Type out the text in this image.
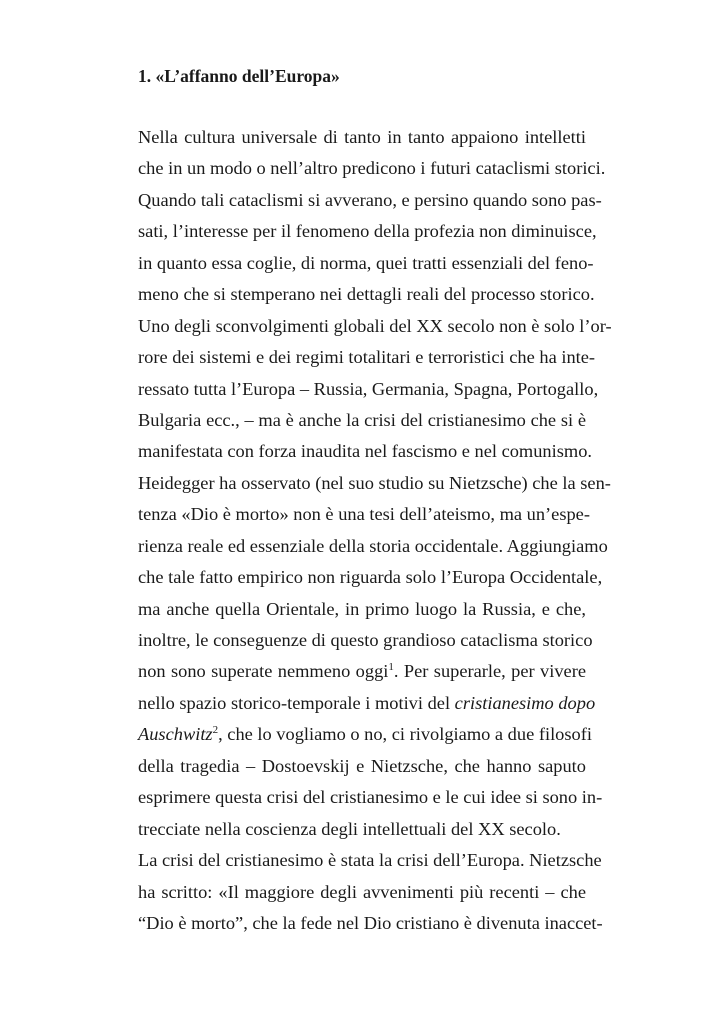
1. «L’affanno dell’Europa»
Nella cultura universale di tanto in tanto appaiono intelletti
che in un modo o nell’altro predicono i futuri cataclismi storici.
Quando tali cataclismi si avverano, e persino quando sono pas-
sati, l’interesse per il fenomeno della profezia non diminuisce,
in quanto essa coglie, di norma, quei tratti essenziali del feno-
meno che si stemperano nei dettagli reali del processo storico.
Uno degli sconvolgimenti globali del XX secolo non è solo l’or-
rore dei sistemi e dei regimi totalitari e terroristici che ha inte-
ressato tutta l’Europa – Russia, Germania, Spagna, Portogallo,
Bulgaria ecc., – ma è anche la crisi del cristianesimo che si è
manifestata con forza inaudita nel fascismo e nel comunismo.
Heidegger ha osservato (nel suo studio su Nietzsche) che la sen-
tenza «Dio è morto» non è una tesi dell’ateismo, ma un’espe-
rienza reale ed essenziale della storia occidentale. Aggiungiamo
che tale fatto empirico non riguarda solo l’Europa Occidentale,
ma anche quella Orientale, in primo luogo la Russia, e che,
inoltre, le conseguenze di questo grandioso cataclisma storico
non sono superate nemmeno oggi$^1$. Per superarle, per vivere
nello spazio storico-temporale i motivi del cristianesimo dopo
Auschwitz$^2$, che lo vogliamo o no, ci rivolgiamo a due filosofi
della tragedia – Dostoevskij e Nietzsche, che hanno saputo
esprimere questa crisi del cristianesimo e le cui idee si sono in-
trecciate nella coscienza degli intellettuali del XX secolo.
La crisi del cristianesimo è stata la crisi dell’Europa. Nietzsche
ha scritto: «Il maggiore degli avvenimenti più recenti – che
“Dio è morto”, che la fede nel Dio cristiano è divenuta inaccet-
